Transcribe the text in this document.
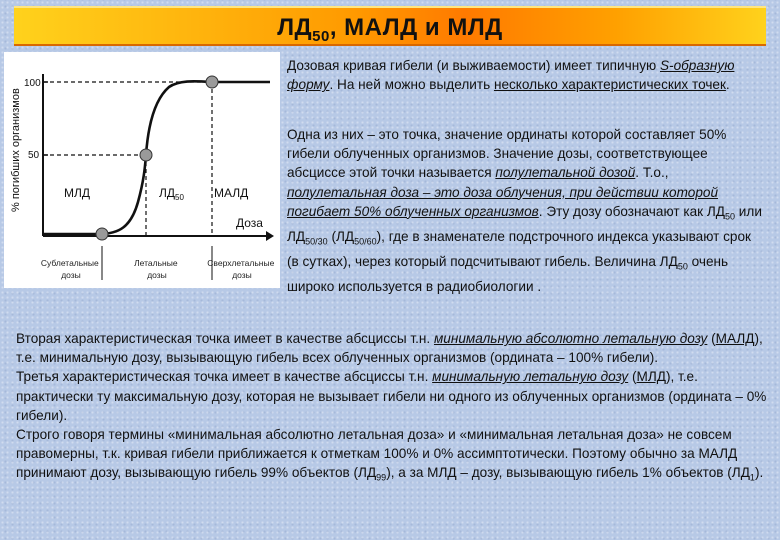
$ЛД_{50}$, МАЛД и МЛД
% погибших организмов
100
50
МЛД	$ЛД_{50}$	МАЛД
Доза
Сублетальные дозы
Летальные дозы
Сверхлетальные дозы
Дозовая кривая гибели (и выживаемости) имеет типичную S-образную форму. На ней можно выделить несколько характеристических точек.
Одна из них – это точка, значение ординаты которой составляет 50% гибели облученных организмов. Значение дозы, соответствующее абсциссе этой точки называется полулетальной дозой. Т.о., полулетальная доза – это доза облучения, при действии которой погибает 50% облученных организмов. Эту дозу обозначают как $ЛД_{50}$ или $ЛД_{50/30}$ $(ЛД_{50/60})$, где в знаменателе подстрочного индекса указывают срок (в сутках), через который подсчитывают гибель. Величина $ЛД_{50}$ очень широко используется в радиобиологии .
Вторая характеристическая точка имеет в качестве абсциссы т.н. минимальную абсолютно летальную дозу (МАЛД), т.е. минимальную дозу, вызывающую гибель всех облученных организмов (ордината – 100% гибели).
Третья характеристическая точка имеет в качестве абсциссы т.н. минимальную летальную дозу (МЛД), т.е. практически ту максимальную дозу, которая не вызывает гибели ни одного из облученных организмов (ордината – 0% гибели).
Строго говоря термины «минимальная абсолютно летальная доза» и «минимальная летальная доза» не совсем правомерны, т.к. кривая гибели приближается к отметкам 100% и 0% ассимптотически. Поэтому обычно за МАЛД принимают дозу, вызывающую гибель 99% объектов $(ЛД_{99})$, а за МЛД – дозу, вызывающую гибель 1% объектов $(ЛД_1)$.
